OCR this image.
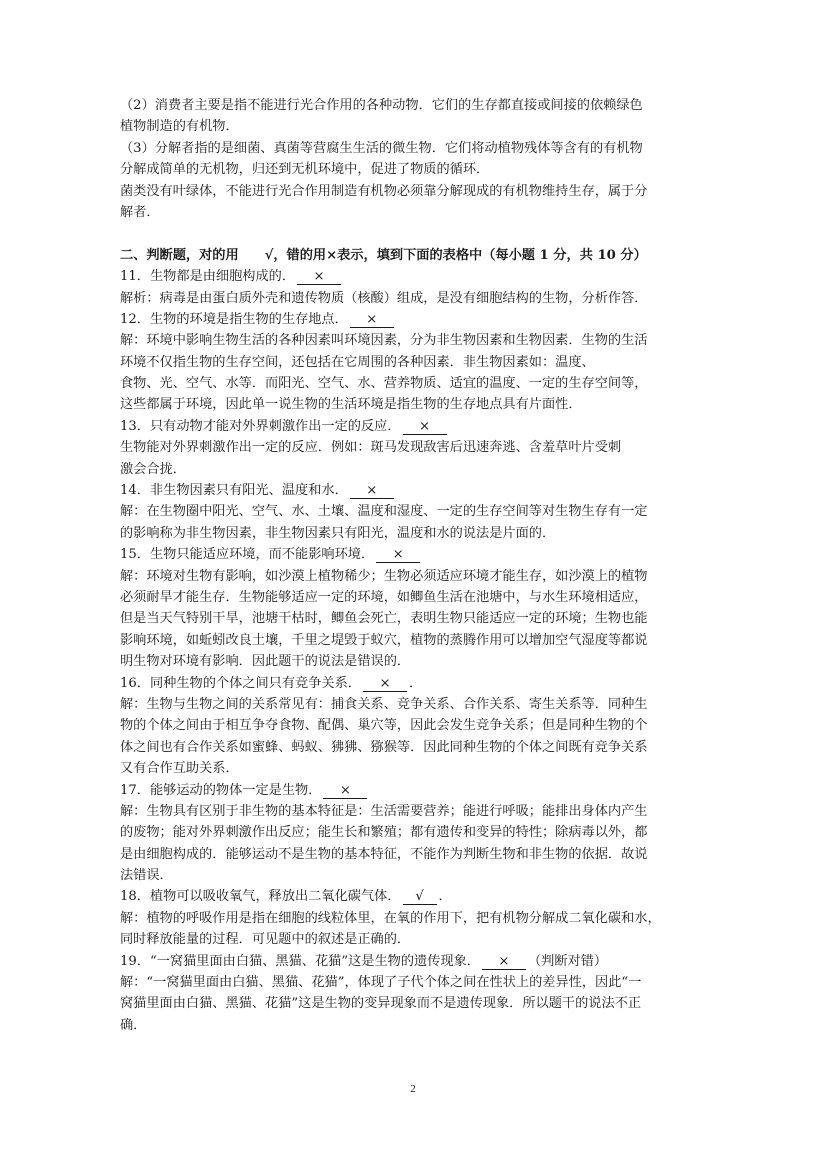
（2）消费者主要是指不能进行光合作用的各种动物．它们的生存都直接或间接的依赖绿色
植物制造的有机物．
（3）分解者指的是细菌、真菌等营腐生生活的微生物．它们将动植物残体等含有的有机物
分解成简单的无机物，归还到无机环境中，促进了物质的循环．
菌类没有叶绿体，不能进行光合作用制造有机物必须靠分解现成的有机物维持生存，属于分
解者．
二、判断题，对的用 √，错的用×表示，填到下面的表格中（每小题 1 分，共 10 分）
11．生物都是由细胞构成的． ×
解析：病毒是由蛋白质外壳和遗传物质（核酸）组成，是没有细胞结构的生物，分析作答．
12．生物的环境是指生物的生存地点． ×
解：环境中影响生物生活的各种因素叫环境因素，分为非生物因素和生物因素．生物的生活
环境不仅指生物的生存空间，还包括在它周围的各种因素．非生物因素如：温度、
食物、光、空气、水等．而阳光、空气、水、营养物质、适宜的温度、一定的生存空间等，
这些都属于环境，因此单一说生物的生活环境是指生物的生存地点具有片面性．
13．只有动物才能对外界刺激作出一定的反应． ×
生物能对外界刺激作出一定的反应．例如：斑马发现敌害后迅速奔逃、含羞草叶片受刺
激会合拢．
14．非生物因素只有阳光、温度和水． ×
解：在生物圈中阳光、空气、水、土壤、温度和湿度、一定的生存空间等对生物生存有一定
的影响称为非生物因素，非生物因素只有阳光，温度和水的说法是片面的．
15．生物只能适应环境，而不能影响环境． ×
解：环境对生物有影响，如沙漠上植物稀少；生物必须适应环境才能生存，如沙漠上的植物
必须耐旱才能生存．生物能够适应一定的环境，如鲫鱼生活在池塘中，与水生环境相适应，
但是当天气特别干旱，池塘干枯时，鲫鱼会死亡，表明生物只能适应一定的环境；生物也能
影响环境，如蚯蚓改良土壤，千里之堤毁于蚁穴，植物的蒸腾作用可以增加空气湿度等都说
明生物对环境有影响．因此题干的说法是错误的．
16．同种生物的个体之间只有竞争关系． × ．
解：生物与生物之间的关系常见有：捕食关系、竞争关系、合作关系、寄生关系等．同种生
物的个体之间由于相互争夺食物、配偶、巢穴等，因此会发生竞争关系；但是同种生物的个
体之间也有合作关系如蜜蜂、蚂蚁、狒狒、猕猴等．因此同种生物的个体之间既有竞争关系
又有合作互助关系．
17．能够运动的物体一定是生物． ×
解：生物具有区别于非生物的基本特征是：生活需要营养；能进行呼吸；能排出身体内产生
的废物；能对外界刺激作出反应；能生长和繁殖；都有遗传和变异的特性；除病毒以外，都
是由细胞构成的．能够运动不是生物的基本特征，不能作为判断生物和非生物的依据．故说
法错误．
18．植物可以吸收氧气，释放出二氧化碳气体． √ ．
解：植物的呼吸作用是指在细胞的线粒体里，在氧的作用下，把有机物分解成二氧化碳和水，
同时释放能量的过程．可见题中的叙述是正确的．
19．“一窝猫里面由白猫、黑猫、花猫”这是生物的遗传现象． × （判断对错）
解：“一窝猫里面由白猫、黑猫、花猫”，体现了子代个体之间在性状上的差异性，因此“一
窝猫里面由白猫、黑猫、花猫”这是生物的变异现象而不是遗传现象．所以题干的说法不正
确．
2
